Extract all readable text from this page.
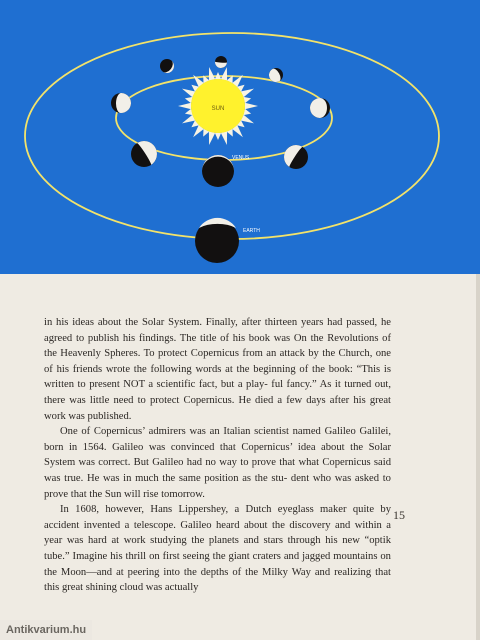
SUN
VENUS
EARTH

in his ideas about the Solar System. Finally, after thirteen years had passed, he agreed to publish his findings. The title of his book was On the Revolutions of the Heavenly Spheres. To protect Copernicus from an attack by the Church, one of his friends wrote the following words at the beginning of the book: “This is written to present NOT a scientific fact, but a play- ful fancy.” As it turned out, there was little need to protect Copernicus. He died a few days after his great work was published.

One of Copernicus’ admirers was an Italian scientist named Galileo Galilei, born in 1564. Galileo was convinced that Copernicus’ idea about the Solar System was correct. But Galileo had no way to prove that what Copernicus said was true. He was in much the same position as the stu- dent who was asked to prove that the Sun will rise tomorrow.

In 1608, however, Hans Lippershey, a Dutch eyeglass maker quite by accident invented a telescope. Galileo heard about the discovery and within a year was hard at work studying the planets and stars through his new “optik tube.” Imagine his thrill on first seeing the giant craters and jagged mountains on the Moon—and at peering into the depths of the Milky Way and realizing that this great shining cloud was actually

15
Antikvarium.hu
